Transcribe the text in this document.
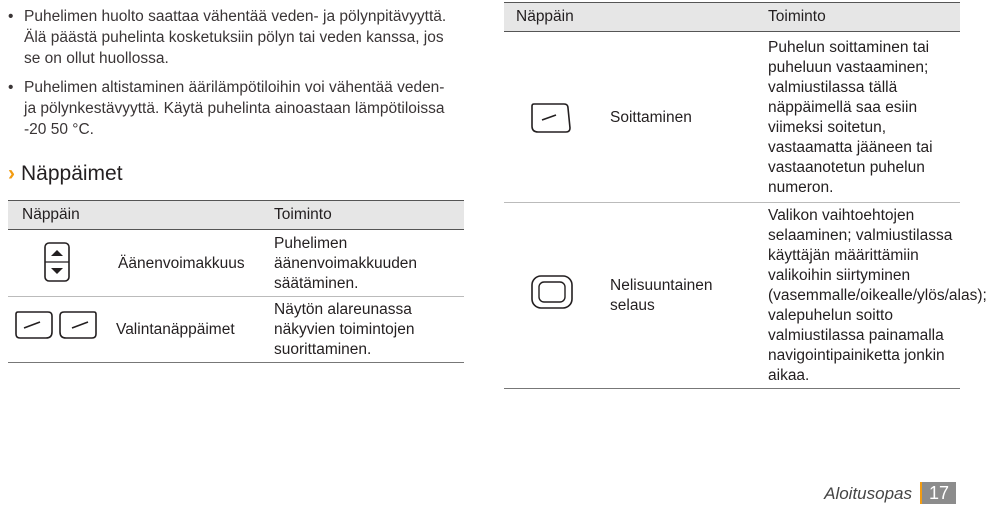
• Puhelimen huolto saattaa vähentää veden- ja pölynpitävyyttä. Älä päästä puhelinta kosketuksiin pölyn tai veden kanssa, jos se on ollut huollossa.
• Puhelimen altistaminen äärilämpötiloihin voi vähentää veden- ja pölynkestävyyttä. Käytä puhelinta ainoastaan lämpötiloissa -20 50 °C.
› Näppäimet
Näppäin	Toiminto
Äänenvoimakkuus
Puhelimen äänenvoimakkuuden säätäminen.
Valintanäppäimet
Näytön alareunassa näkyvien toimintojen suorittaminen.
Näppäin	Toiminto
Soittaminen
Puhelun soittaminen tai puheluun vastaaminen; valmiustilassa tällä näppäimellä saa esiin viimeksi soitetun, vastaamatta jääneen tai vastaanotetun puhelun numeron.
Nelisuuntainen selaus
Valikon vaihtoehtojen selaaminen; valmiustilassa käyttäjän määrittämiin valikoihin siirtyminen (vasemmalle/oikealle/ylös/alas); valepuhelun soitto valmiustilassa painamalla navigointipainiketta jonkin aikaa.
Aloitusopas 17
